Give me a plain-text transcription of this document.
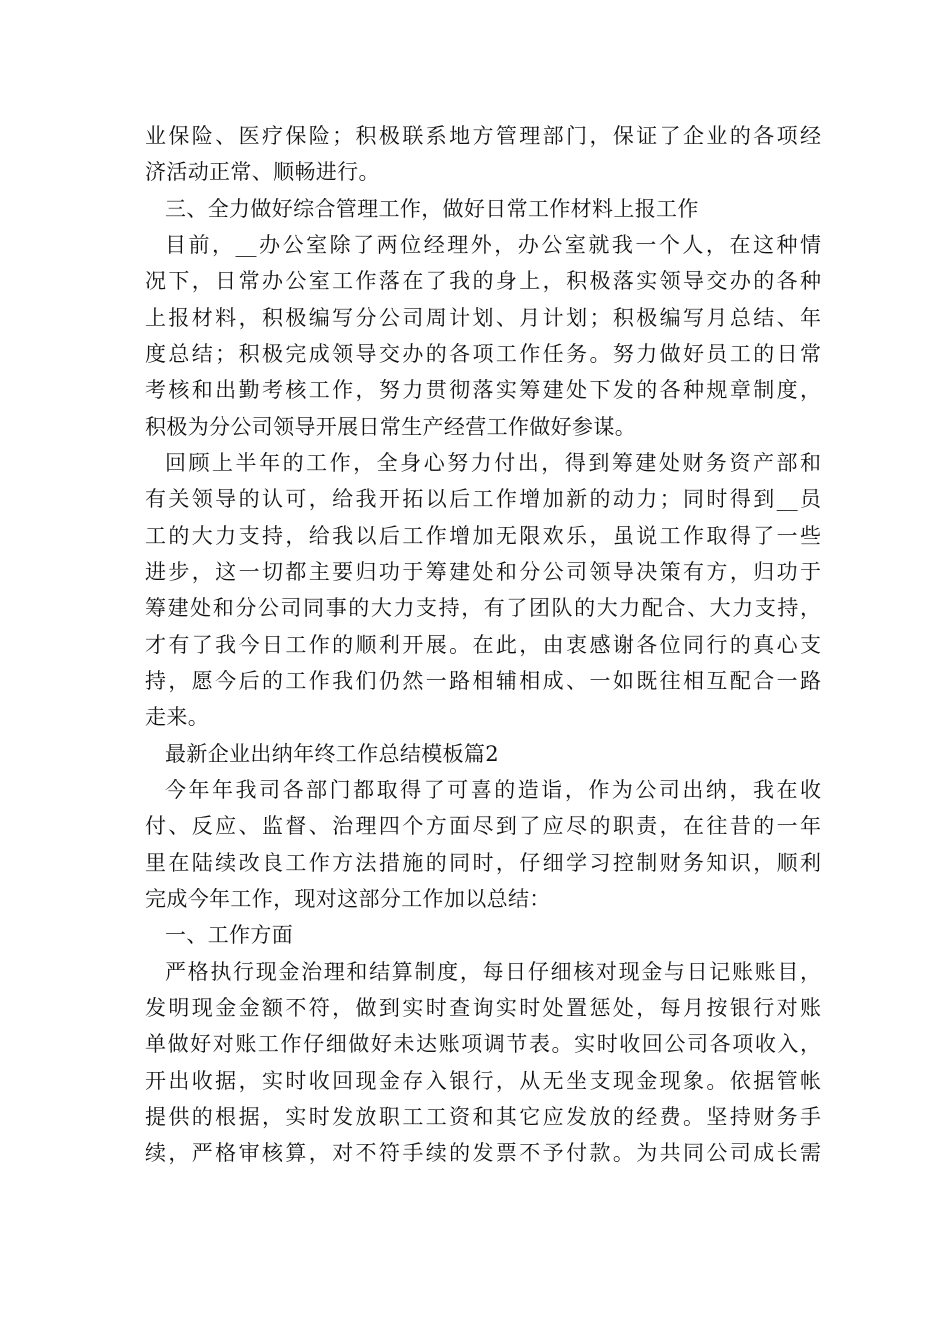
业保险、医疗保险；积极联系地方管理部门，保证了企业的各项经
济活动正常、顺畅进行。
三、全力做好综合管理工作，做好日常工作材料上报工作
目前，__办公室除了两位经理外，办公室就我一个人，在这种情
况下，日常办公室工作落在了我的身上，积极落实领导交办的各种
上报材料，积极编写分公司周计划、月计划；积极编写月总结、年
度总结；积极完成领导交办的各项工作任务。努力做好员工的日常
考核和出勤考核工作，努力贯彻落实筹建处下发的各种规章制度，
积极为分公司领导开展日常生产经营工作做好参谋。
回顾上半年的工作，全身心努力付出，得到筹建处财务资产部和
有关领导的认可，给我开拓以后工作增加新的动力；同时得到__员
工的大力支持，给我以后工作增加无限欢乐，虽说工作取得了一些
进步，这一切都主要归功于筹建处和分公司领导决策有方，归功于
筹建处和分公司同事的大力支持，有了团队的大力配合、大力支持，
才有了我今日工作的顺利开展。在此，由衷感谢各位同行的真心支
持，愿今后的工作我们仍然一路相辅相成、一如既往相互配合一路
走来。
最新企业出纳年终工作总结模板篇2
今年年我司各部门都取得了可喜的造诣，作为公司出纳，我在收
付、反应、监督、治理四个方面尽到了应尽的职责，在往昔的一年
里在陆续改良工作方法措施的同时，仔细学习控制财务知识，顺利
完成今年工作，现对这部分工作加以总结：
一、工作方面
严格执行现金治理和结算制度，每日仔细核对现金与日记账账目，
发明现金金额不符，做到实时查询实时处置惩处，每月按银行对账
单做好对账工作仔细做好未达账项调节表。实时收回公司各项收入，
开出收据，实时收回现金存入银行，从无坐支现金现象。依据管帐
提供的根据，实时发放职工工资和其它应发放的经费。坚持财务手
续，严格审核算，对不符手续的发票不予付款。为共同公司成长需
